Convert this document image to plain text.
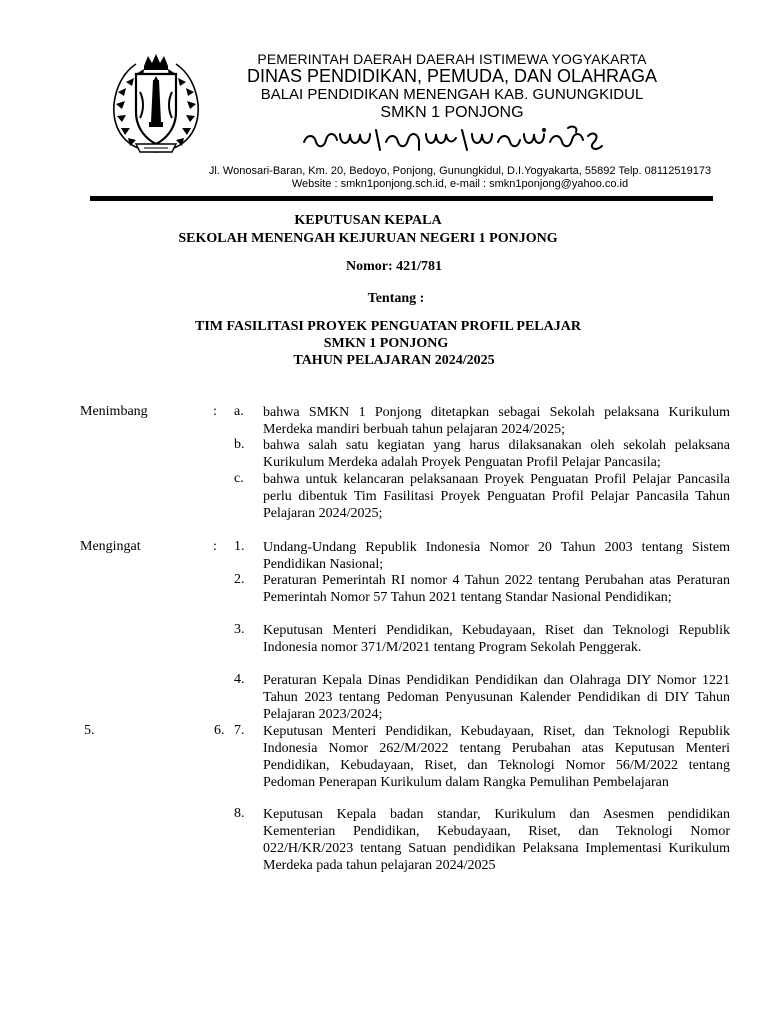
PEMERINTAH DAERAH DAERAH ISTIMEWA YOGYAKARTA
DINAS PENDIDIKAN, PEMUDA, DAN OLAHRAGA
BALAI PENDIDIKAN MENENGAH KAB. GUNUNGKIDUL
SMKN 1 PONJONG
Jl. Wonosari-Baran, Km. 20, Bedoyo, Ponjong, Gunungkidul, D.I.Yogyakarta, 55892 Telp. 08112519173
Website : smkn1ponjong.sch.id, e-mail : smkn1ponjong@yahoo.co.id
KEPUTUSAN KEPALA
SEKOLAH MENENGAH KEJURUAN NEGERI 1 PONJONG
Nomor: 421/781
Tentang :
TIM FASILITASI PROYEK PENGUATAN PROFIL PELAJAR
SMKN 1 PONJONG
TAHUN PELAJARAN 2024/2025
Menimbang	: a. bahwa SMKN 1 Ponjong ditetapkan sebagai Sekolah pelaksana Kurikulum Merdeka mandiri berbuah tahun pelajaran 2024/2025;
b. bahwa salah satu kegiatan yang harus dilaksanakan oleh sekolah pelaksana Kurikulum Merdeka adalah Proyek Penguatan Profil Pelajar Pancasila;
c. bahwa untuk kelancaran pelaksanaan Proyek Penguatan Profil Pelajar Pancasila perlu dibentuk Tim Fasilitasi Proyek Penguatan Profil Pelajar Pancasila Tahun Pelajaran 2024/2025;
Mengingat	: 1. Undang-Undang Republik Indonesia Nomor 20 Tahun 2003 tentang Sistem Pendidikan Nasional;
2. Peraturan Pemerintah RI nomor 4 Tahun 2022 tentang Perubahan atas Peraturan Pemerintah Nomor 57 Tahun 2021 tentang Standar Nasional Pendidikan;
3. Keputusan Menteri Pendidikan, Kebudayaan, Riset dan Teknologi Republik Indonesia nomor 371/M/2021 tentang Program Sekolah Penggerak.
4. Peraturan Kepala Dinas Pendidikan Pendidikan dan Olahraga DIY Nomor 1221 Tahun 2023 tentang Pedoman Penyusunan Kalender Pendidikan di DIY Tahun Pelajaran 2023/2024;
5.	6. 7. Keputusan Menteri Pendidikan, Kebudayaan, Riset, dan Teknologi Republik Indonesia Nomor 262/M/2022 tentang Perubahan atas Keputusan Menteri Pendidikan, Kebudayaan, Riset, dan Teknologi Nomor 56/M/2022 tentang Pedoman Penerapan Kurikulum dalam Rangka Pemulihan Pembelajaran
8. Keputusan Kepala badan standar, Kurikulum dan Asesmen pendidikan Kementerian Pendidikan, Kebudayaan, Riset, dan Teknologi Nomor 022/H/KR/2023 tentang Satuan pendidikan Pelaksana Implementasi Kurikulum Merdeka pada tahun pelajaran 2024/2025
